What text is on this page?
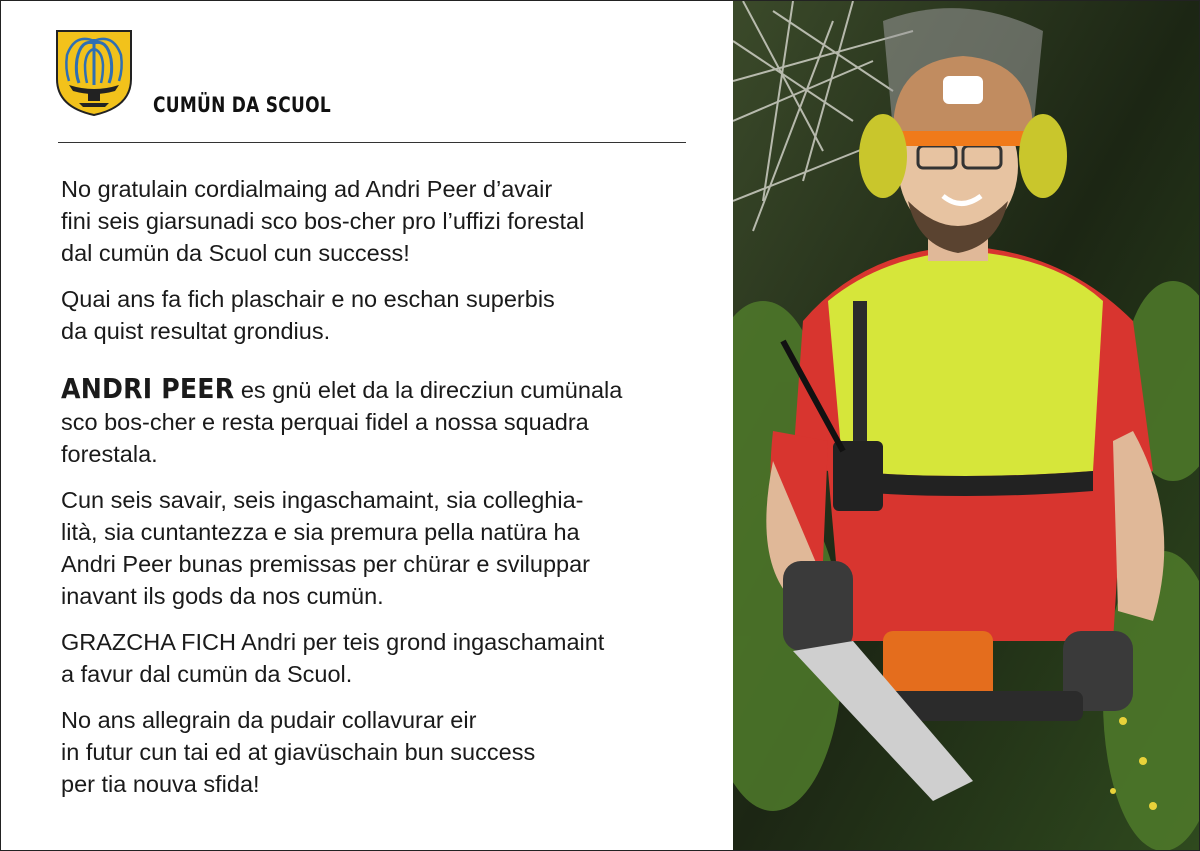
CUMÜN DA SCUOL

No gratulain cordialmaing ad Andri Peer d’avair
fini seis giarsunadi sco bos-cher pro l’uffizi forestal
dal cumün da Scuol cun success!

Quai ans fa fich plaschair e no eschan superbis
da quist resultat grondius.

ANDRI PEER es gnü elet da la direcziun cumünala
sco bos-cher e resta perquai fidel a nossa squadra
forestala.

Cun seis savair, seis ingaschamaint, sia colleghia-
lità, sia cuntantezza e sia premura pella natüra ha
Andri Peer bunas premissas per chürar e sviluppar
inavant ils gods da nos cumün.

GRAZCHA FICH Andri per teis grond ingaschamaint
a favur dal cumün da Scuol.

No ans allegrain da pudair collavurar eir
in futur cun tai ed at giavüschain bun success
per tia nouva sfida!
